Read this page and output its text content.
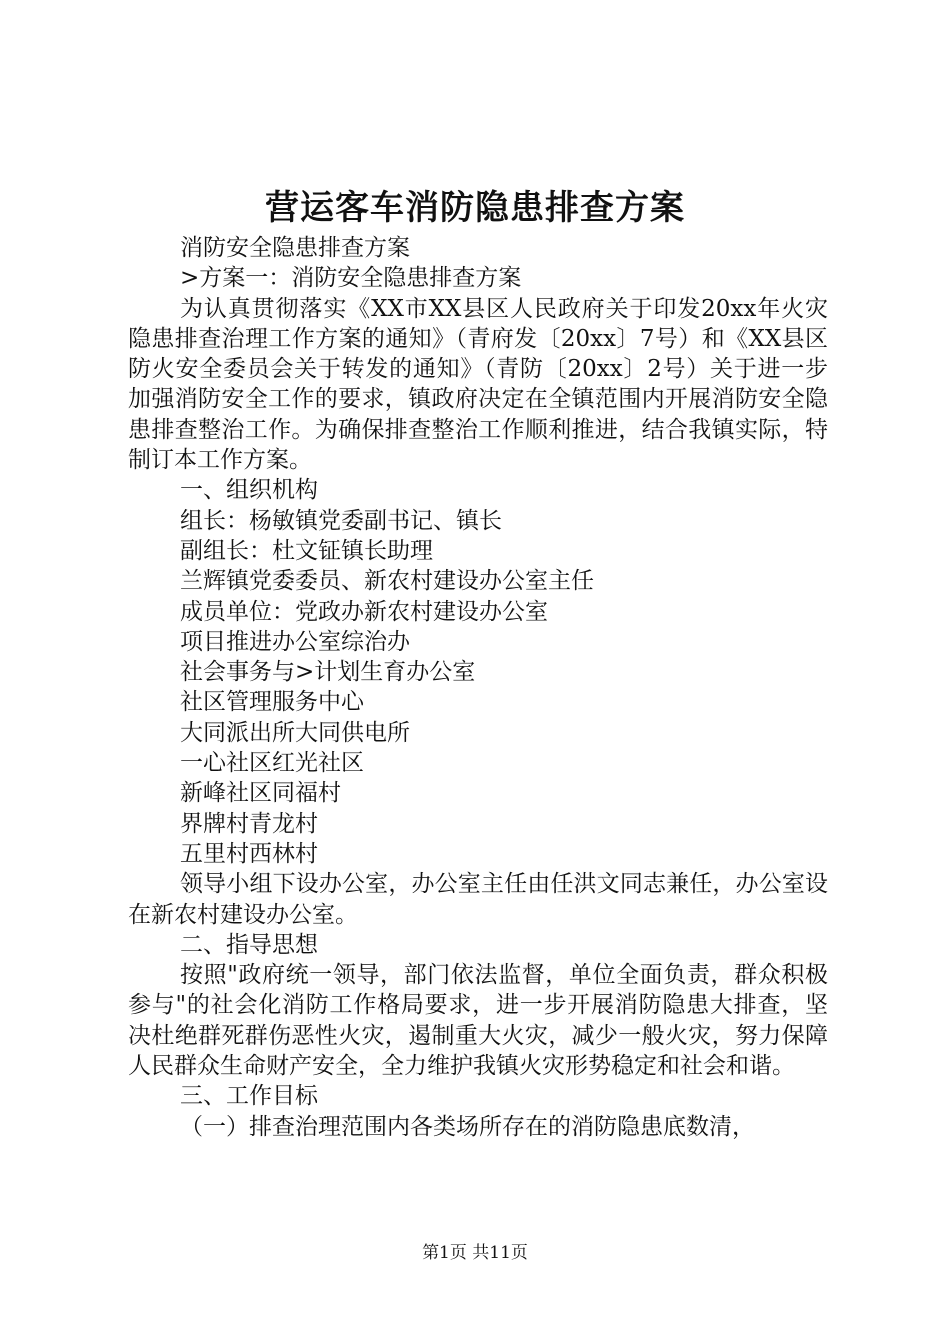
营运客车消防隐患排查方案

消防安全隐患排查方案

>方案一：消防安全隐患排查方案

为认真贯彻落实《XX市XX县区人民政府关于印发20xx年火灾隐患排查治理工作方案的通知》（青府发〔20xx〕7号）和《XX县区防火安全委员会关于转发的通知》（青防〔20xx〕2号）关于进一步加强消防安全工作的要求，镇政府决定在全镇范围内开展消防安全隐患排查整治工作。为确保排查整治工作顺利推进，结合我镇实际，特制订本工作方案。

一、组织机构

组长：杨敏镇党委副书记、镇长

副组长：杜文钲镇长助理

兰辉镇党委委员、新农村建设办公室主任

成员单位：党政办新农村建设办公室

项目推进办公室综治办

社会事务与>计划生育办公室

社区管理服务中心

大同派出所大同供电所

一心社区红光社区

新峰社区同福村

界牌村青龙村

五里村西林村

领导小组下设办公室，办公室主任由任洪文同志兼任，办公室设在新农村建设办公室。

二、指导思想

按照"政府统一领导，部门依法监督，单位全面负责，群众积极参与"的社会化消防工作格局要求，进一步开展消防隐患大排查，坚决杜绝群死群伤恶性火灾，遏制重大火灾，减少一般火灾，努力保障人民群众生命财产安全，全力维护我镇火灾形势稳定和社会和谐。

三、工作目标

（一）排查治理范围内各类场所存在的消防隐患底数清，

第1页 共11页
